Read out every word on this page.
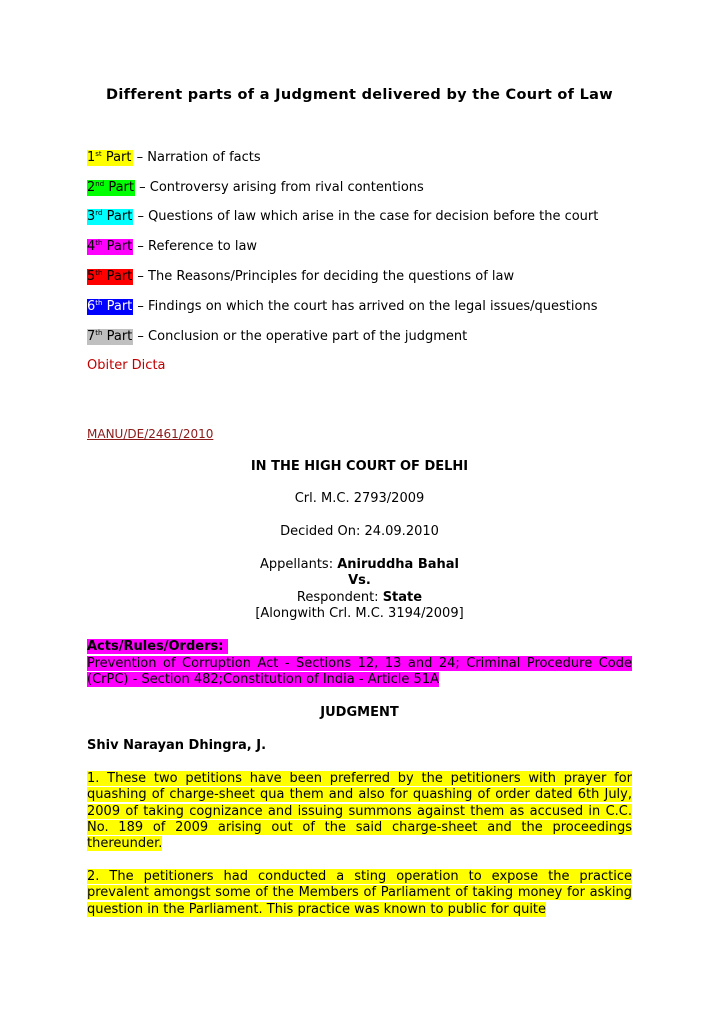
Different parts of a Judgment delivered by the Court of Law
1st Part – Narration of facts
2nd Part – Controversy arising from rival contentions
3rd Part – Questions of law which arise in the case for decision before the court
4th Part – Reference to law
5th Part – The Reasons/Principles for deciding the questions of law
6th Part – Findings on which the court has arrived on the legal issues/questions
7th Part – Conclusion or the operative part of the judgment
Obiter Dicta
MANU/DE/2461/2010
IN THE HIGH COURT OF DELHI
Crl. M.C. 2793/2009
Decided On: 24.09.2010
Appellants: Aniruddha Bahal
Vs.
Respondent: State
[Alongwith Crl. M.C. 3194/2009]
Acts/Rules/Orders:
Prevention of Corruption Act - Sections 12, 13 and 24; Criminal Procedure Code (CrPC) - Section 482;Constitution of India - Article 51A
JUDGMENT
Shiv Narayan Dhingra, J.
1. These two petitions have been preferred by the petitioners with prayer for quashing of charge-sheet qua them and also for quashing of order dated 6th July, 2009 of taking cognizance and issuing summons against them as accused in C.C. No. 189 of 2009 arising out of the said charge-sheet and the proceedings thereunder.
2. The petitioners had conducted a sting operation to expose the practice prevalent amongst some of the Members of Parliament of taking money for asking question in the Parliament. This practice was known to public for quite
